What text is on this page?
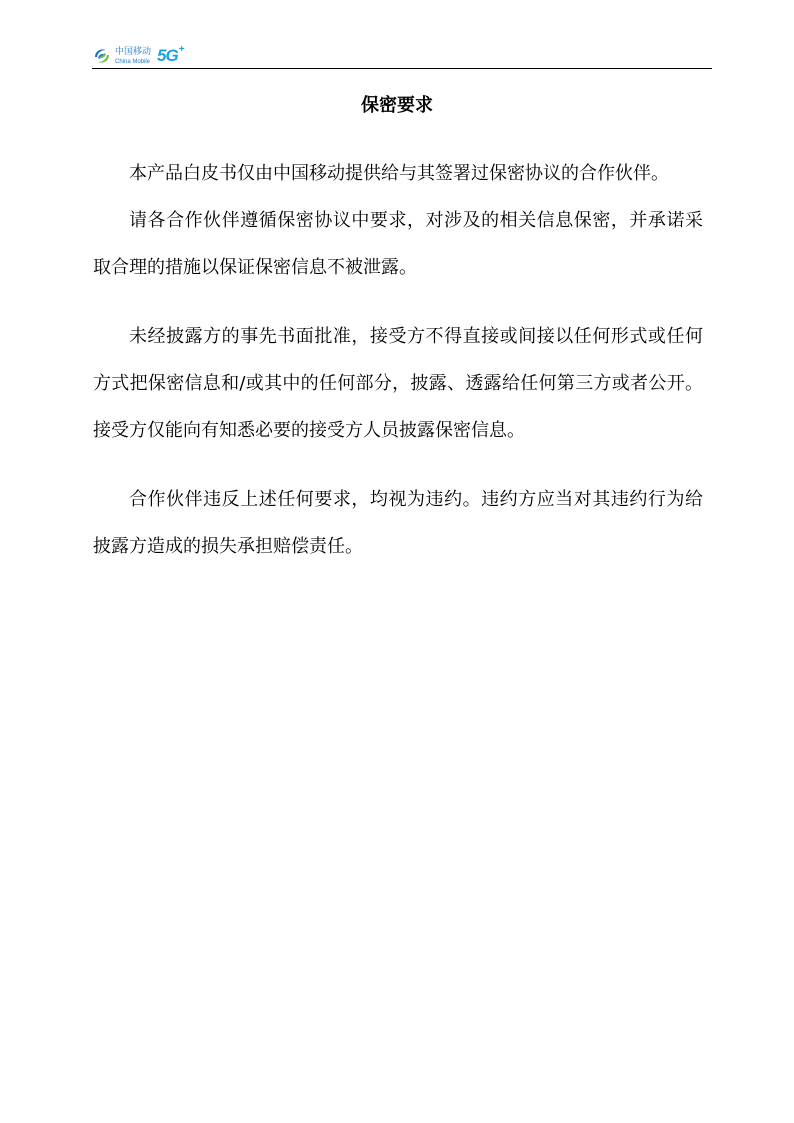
中国移动
China Mobile 5G +
保密要求

本产品白皮书仅由中国移动提供给与其签署过保密协议的合作伙伴。

请各合作伙伴遵循保密协议中要求，对涉及的相关信息保密，并承诺采取合理的措施以保证保密信息不被泄露。

未经披露方的事先书面批准，接受方不得直接或间接以任何形式或任何方式把保密信息和/或其中的任何部分，披露、透露给任何第三方或者公开。接受方仅能向有知悉必要的接受方人员披露保密信息。

合作伙伴违反上述任何要求，均视为违约。违约方应当对其违约行为给披露方造成的损失承担赔偿责任。
